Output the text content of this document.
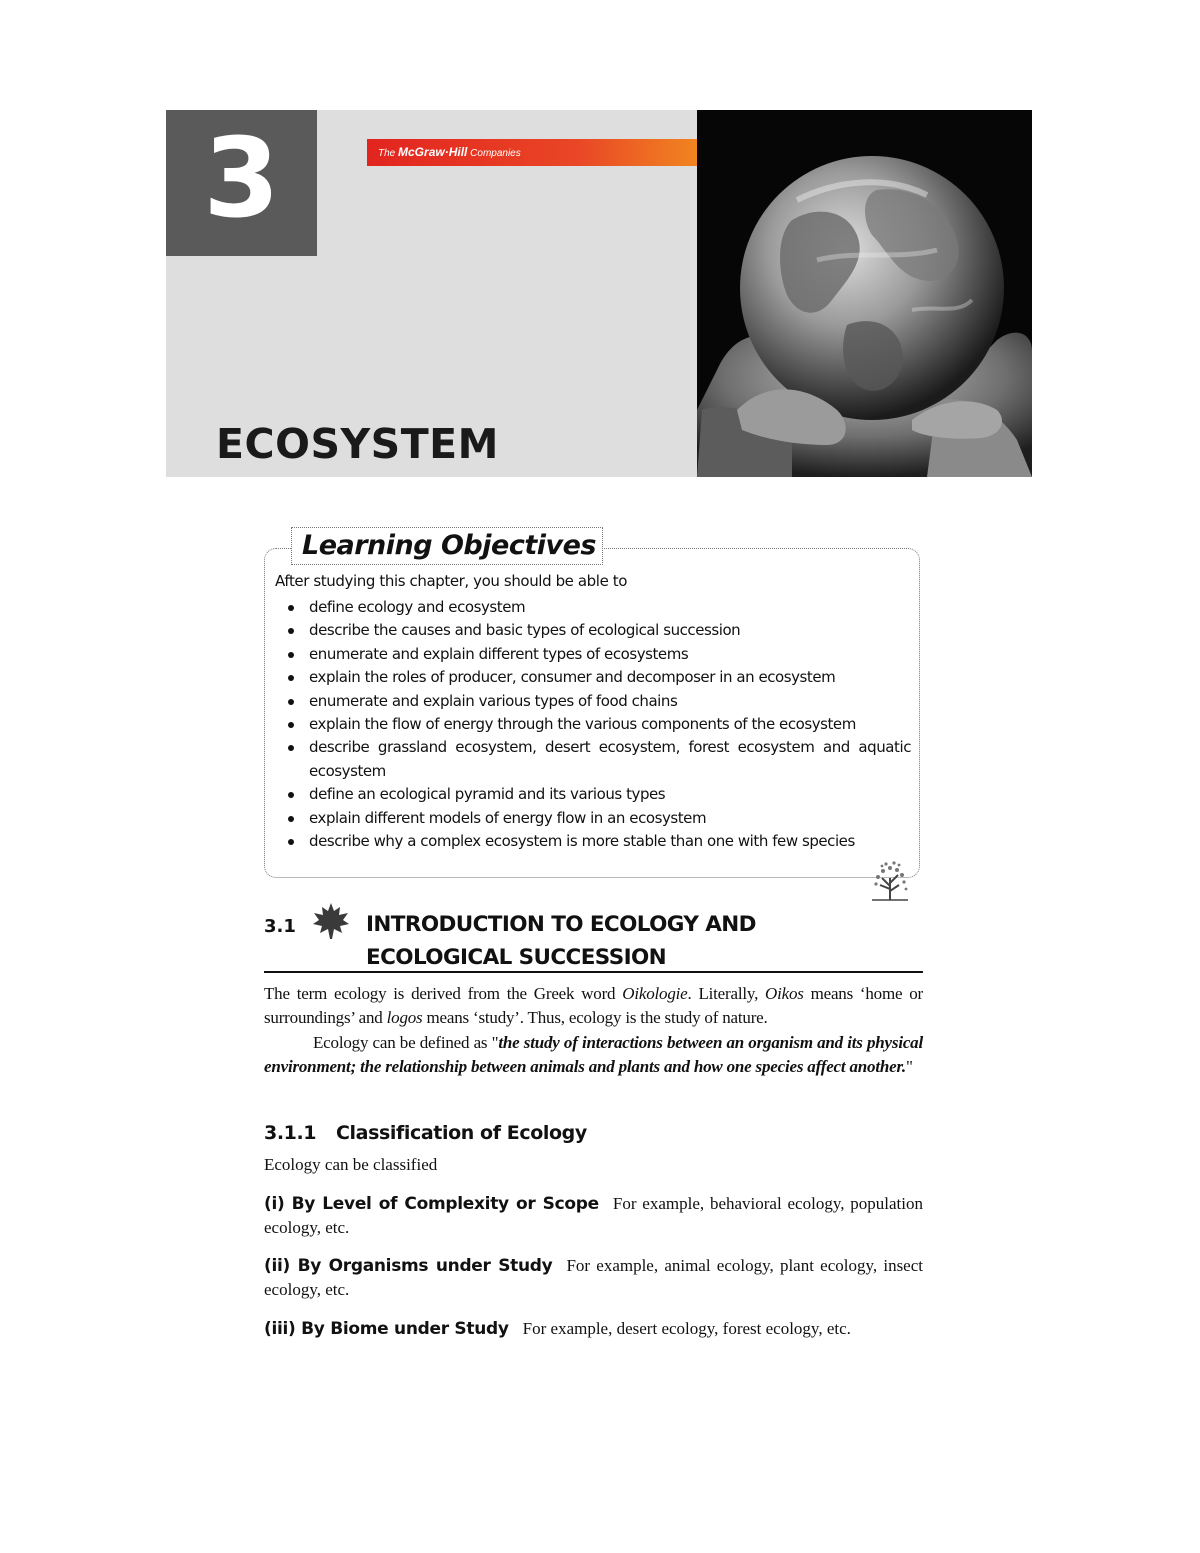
3	The McGraw·Hill Companies
ECOSYSTEM
Learning Objectives
After studying this chapter, you should be able to
define ecology and ecosystem
describe the causes and basic types of ecological succession
enumerate and explain different types of ecosystems
explain the roles of producer, consumer and decomposer in an ecosystem
enumerate and explain various types of food chains
explain the flow of energy through the various components of the ecosystem
describe grassland ecosystem, desert ecosystem, forest ecosystem and aquatic ecosystem
define an ecological pyramid and its various types
explain different models of energy flow in an ecosystem
describe why a complex ecosystem is more stable than one with few species
3.1	INTRODUCTION TO ECOLOGY AND
ECOLOGICAL SUCCESSION
The term ecology is derived from the Greek word Oikologie. Literally, Oikos means ‘home or surroundings’ and logos means ‘study’. Thus, ecology is the study of nature.
Ecology can be defined as "the study of interactions between an organism and its physical environment; the relationship between animals and plants and how one species affect another."
3.1.1 Classification of Ecology
Ecology can be classified
(i) By Level of Complexity or Scope For example, behavioral ecology, population ecology, etc.
(ii) By Organisms under Study For example, animal ecology, plant ecology, insect ecology, etc.
(iii) By Biome under Study For example, desert ecology, forest ecology, etc.
